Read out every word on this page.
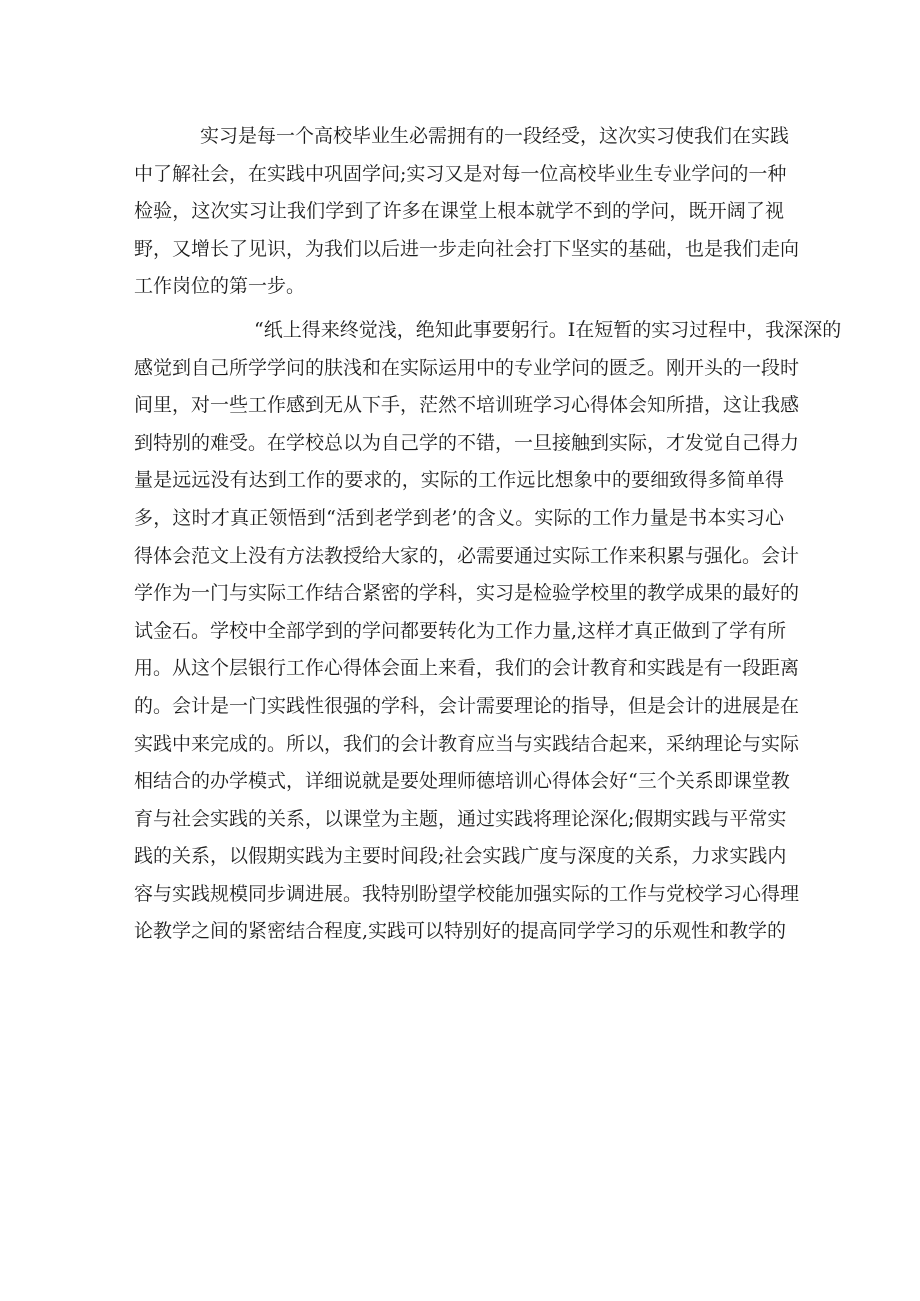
实习是每一个高校毕业生必需拥有的一段经受，这次实习使我们在实践

中了解社会，在实践中巩固学问;实习又是对每一位高校毕业生专业学问的一种

检验，这次实习让我们学到了许多在课堂上根本就学不到的学问，既开阔了视

野，又增长了见识，为我们以后进一步走向社会打下坚实的基础，也是我们走向

工作岗位的第一步。

“纸上得来终觉浅，绝知此事要躬行。I在短暂的实习过程中，我深深的

感觉到自己所学学问的肤浅和在实际运用中的专业学问的匮乏。刚开头的一段时

间里，对一些工作感到无从下手，茫然不培训班学习心得体会知所措，这让我感

到特别的难受。在学校总以为自己学的不错，一旦接触到实际，才发觉自己得力

量是远远没有达到工作的要求的，实际的工作远比想象中的要细致得多简单得

多，这时才真正领悟到“活到老学到老’的含义。实际的工作力量是书本实习心

得体会范文上没有方法教授给大家的，必需要通过实际工作来积累与强化。会计

学作为一门与实际工作结合紧密的学科，实习是检验学校里的教学成果的最好的

试金石。学校中全部学到的学问都要转化为工作力量,这样才真正做到了学有所

用。从这个层银行工作心得体会面上来看，我们的会计教育和实践是有一段距离

的。会计是一门实践性很强的学科，会计需要理论的指导，但是会计的进展是在

实践中来完成的。所以，我们的会计教育应当与实践结合起来，采纳理论与实际

相结合的办学模式，详细说就是要处理师德培训心得体会好“三个关系即课堂教

育与社会实践的关系，以课堂为主题，通过实践将理论深化;假期实践与平常实

践的关系，以假期实践为主要时间段;社会实践广度与深度的关系，力求实践内

容与实践规模同步调进展。我特别盼望学校能加强实际的工作与党校学习心得理

论教学之间的紧密结合程度,实践可以特别好的提高同学学习的乐观性和教学的
